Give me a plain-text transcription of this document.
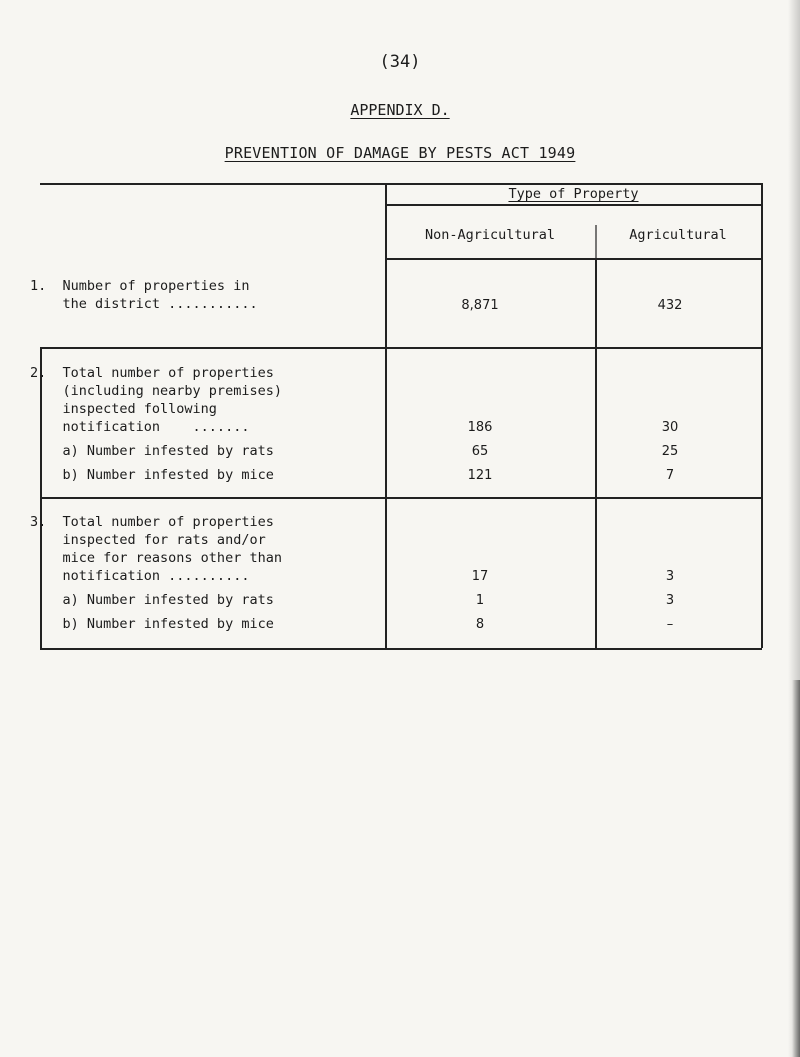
(34)
APPENDIX D.
PREVENTION OF DAMAGE BY PESTS ACT 1949
Type of Property
Non-Agricultural	Agricultural
1.  Number of properties in
the district ...........	8,871	432
2.  Total number of properties
(including nearby premises)
inspected following
notification    .......	186	30
a) Number infested by rats	65	25
b) Number infested by mice	121	7
3.  Total number of properties
inspected for rats and/or
mice for reasons other than
notification ..........	17	3
a) Number infested by rats	1	3
b) Number infested by mice	8	–
